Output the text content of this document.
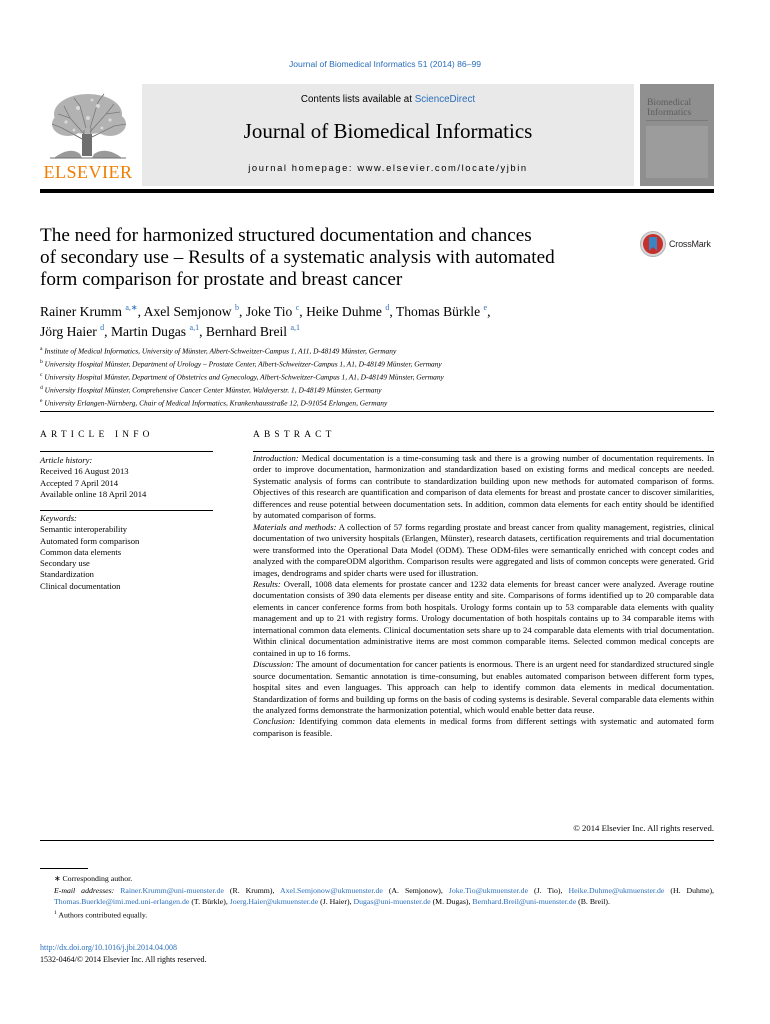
Journal of Biomedical Informatics 51 (2014) 86–99
ELSEVIER
Contents lists available at ScienceDirect
Journal of Biomedical Informatics
journal homepage: www.elsevier.com/locate/yjbin
Biomedical
Informatics
The need for harmonized structured documentation and chances
of secondary use – Results of a systematic analysis with automated
form comparison for prostate and breast cancer
CrossMark
Rainer Krumm $^{a,∗}$, Axel Semjonow $^b$, Joke Tio $^c$, Heike Duhme $^d$, Thomas Bürkle $^e$,
Jörg Haier $^d$, Martin Dugas $^{a,1}$, Bernhard Breil $^{a,1}$
$^a$ Institute of Medical Informatics, University of Münster, Albert-Schweitzer-Campus 1, A11, D-48149 Münster, Germany
$^b$ University Hospital Münster, Department of Urology – Prostate Center, Albert-Schweitzer-Campus 1, A1, D-48149 Münster, Germany
$^c$ University Hospital Münster, Department of Obstetrics and Gynecology, Albert-Schweitzer-Campus 1, A1, D-48149 Münster, Germany
$^d$ University Hospital Münster, Comprehensive Cancer Center Münster, Waldeyerstr. 1, D-48149 Münster, Germany
$^e$ University Erlangen-Nürnberg, Chair of Medical Informatics, Krankenhausstraße 12, D-91054 Erlangen, Germany
ARTICLE INFO
Article history:
Received 16 August 2013
Accepted 7 April 2014
Available online 18 April 2014
Keywords:
Semantic interoperability
Automated form comparison
Common data elements
Secondary use
Standardization
Clinical documentation
ABSTRACT

Introduction: Medical documentation is a time-consuming task and there is a growing number of documentation requirements. In order to improve documentation, harmonization and standardization based on existing forms and medical concepts are needed. Systematic analysis of forms can contribute to standardization building upon new methods for automated comparison of forms. Objectives of this research are quantification and comparison of data elements for breast and prostate cancer to discover similarities, differences and reuse potential between documentation sets. In addition, common data elements for each entity should be identified by automated comparison of forms.

Materials and methods: A collection of 57 forms regarding prostate and breast cancer from quality management, registries, clinical documentation of two university hospitals (Erlangen, Münster), research datasets, certification requirements and trial documentation were transformed into the Operational Data Model (ODM). These ODM-files were semantically enriched with concept codes and analyzed with the compareODM algorithm. Comparison results were aggregated and lists of common concepts were generated. Grid images, dendrograms and spider charts were used for illustration.

Results: Overall, 1008 data elements for prostate cancer and 1232 data elements for breast cancer were analyzed. Average routine documentation consists of 390 data elements per disease entity and site. Comparisons of forms identified up to 20 comparable data elements in cancer conference forms from both hospitals. Urology forms contain up to 53 comparable data elements with quality management and up to 21 with registry forms. Urology documentation of both hospitals contains up to 34 comparable items with international common data elements. Clinical documentation sets share up to 24 comparable data elements with trial documentation. Within clinical documentation administrative items are most common comparable items. Selected common medical concepts are contained in up to 16 forms.

Discussion: The amount of documentation for cancer patients is enormous. There is an urgent need for standardized structured single source documentation. Semantic annotation is time-consuming, but enables automated comparison between different form types, hospital sites and even languages. This approach can help to identify common data elements in medical documentation. Standardization of forms and building up forms on the basis of coding systems is desirable. Several comparable data elements within the analyzed forms demonstrate the harmonization potential, which would enable better data reuse.

Conclusion: Identifying common data elements in medical forms from different settings with systematic and automated form comparison is feasible.

© 2014 Elsevier Inc. All rights reserved.
∗ Corresponding author.
E-mail addresses: Rainer.Krumm@uni-muenster.de (R. Krumm), Axel.Semjonow@ukmuenster.de (A. Semjonow), Joke.Tio@ukmuenster.de (J. Tio), Heike.Duhme@ukmuenster.de (H. Duhme), Thomas.Buerkle@imi.med.uni-erlangen.de (T. Bürkle), Joerg.Haier@ukmuenster.de (J. Haier), Dugas@uni-muenster.de (M. Dugas), Bernhard.Breil@uni-muenster.de (B. Breil).
$^1$ Authors contributed equally.
http://dx.doi.org/10.1016/j.jbi.2014.04.008
1532-0464/© 2014 Elsevier Inc. All rights reserved.
